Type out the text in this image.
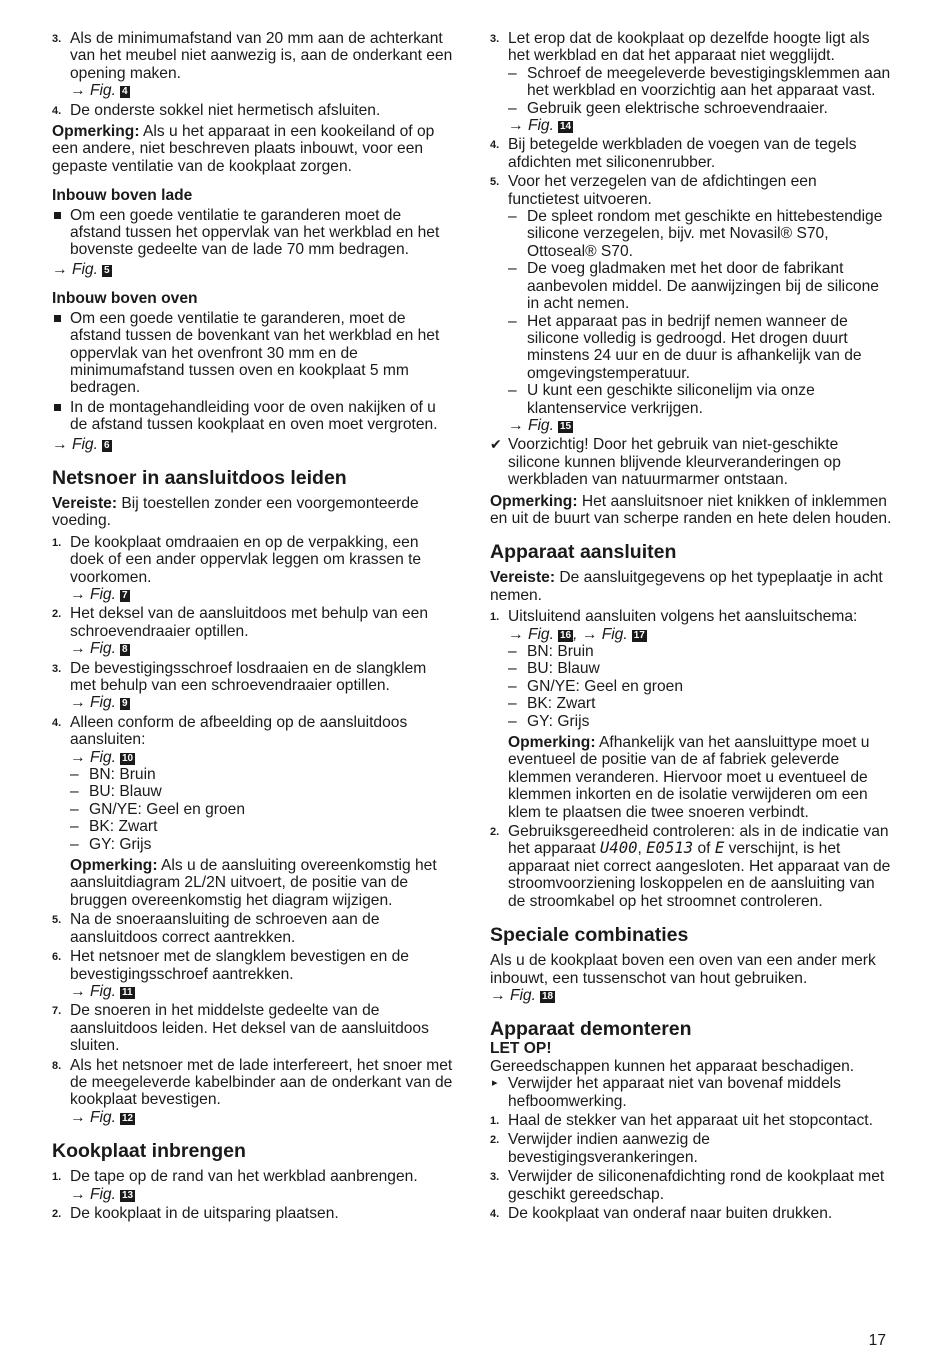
3. Als de minimumafstand van 20 mm aan de achterkant van het meubel niet aanwezig is, aan de onderkant een opening maken.

→ Fig. 4

4. De onderste sokkel niet hermetisch afsluiten.

Opmerking: Als u het apparaat in een kookeiland of op een andere, niet beschreven plaats inbouwt, voor een gepaste ventilatie van de kookplaat zorgen.

Inbouw boven lade

Om een goede ventilatie te garanderen moet de afstand tussen het oppervlak van het werkblad en het bovenste gedeelte van de lade 70 mm bedragen.

→ Fig. 5

Inbouw boven oven

Om een goede ventilatie te garanderen, moet de afstand tussen de bovenkant van het werkblad en het oppervlak van het ovenfront 30 mm en de minimumafstand tussen oven en kookplaat 5 mm bedragen.

In de montagehandleiding voor de oven nakijken of u de afstand tussen kookplaat en oven moet vergroten.

→ Fig. 6

Netsnoer in aansluitdoos leiden

Vereiste: Bij toestellen zonder een voorgemonteerde voeding.

1. De kookplaat omdraaien en op de verpakking, een doek of een ander oppervlak leggen om krassen te voorkomen.

→ Fig. 7

2. Het deksel van de aansluitdoos met behulp van een schroevendraaier optillen.

→ Fig. 8

3. De bevestigingsschroef losdraaien en de slangklem met behulp van een schroevendraaier optillen.

→ Fig. 9

4. Alleen conform de afbeelding op de aansluitdoos aansluiten:

→ Fig. 10

– BN: Bruin

– BU: Blauw

– GN/YE: Geel en groen

– BK: Zwart

– GY: Grijs

Opmerking: Als u de aansluiting overeenkomstig het aansluitdiagram 2L/2N uitvoert, de positie van de bruggen overeenkomstig het diagram wijzigen.

5. Na de snoeraansluiting de schroeven aan de aansluitdoos correct aantrekken.

6. Het netsnoer met de slangklem bevestigen en de bevestigingsschroef aantrekken.

→ Fig. 11

7. De snoeren in het middelste gedeelte van de aansluitdoos leiden. Het deksel van de aansluitdoos sluiten.

8. Als het netsnoer met de lade interfereert, het snoer met de meegeleverde kabelbinder aan de onderkant van de kookplaat bevestigen.

→ Fig. 12

Kookplaat inbrengen

1. De tape op de rand van het werkblad aanbrengen.

→ Fig. 13

2. De kookplaat in de uitsparing plaatsen.

3. Let erop dat de kookplaat op dezelfde hoogte ligt als het werkblad en dat het apparaat niet wegglijdt.

– Schroef de meegeleverde bevestigingsklemmen aan het werkblad en voorzichtig aan het apparaat vast.

– Gebruik geen elektrische schroevendraaier.

→ Fig. 14

4. Bij betegelde werkbladen de voegen van de tegels afdichten met siliconenrubber.

5. Voor het verzegelen van de afdichtingen een functietest uitvoeren.

– De spleet rondom met geschikte en hittebestendige silicone verzegelen, bijv. met Novasil® S70, Ottoseal® S70.

– De voeg gladmaken met het door de fabrikant aanbevolen middel. De aanwijzingen bij de silicone in acht nemen.

– Het apparaat pas in bedrijf nemen wanneer de silicone volledig is gedroogd. Het drogen duurt minstens 24 uur en de duur is afhankelijk van de omgevingstemperatuur.

– U kunt een geschikte siliconelijm via onze klantenservice verkrijgen.

→ Fig. 15

✔ Voorzichtig! Door het gebruik van niet-geschikte silicone kunnen blijvende kleurveranderingen op werkbladen van natuurmarmer ontstaan.

Opmerking: Het aansluitsnoer niet knikken of inklemmen en uit de buurt van scherpe randen en hete delen houden.

Apparaat aansluiten

Vereiste: De aansluitgegevens op het typeplaatje in acht nemen.

1. Uitsluitend aansluiten volgens het aansluitschema:

→ Fig. 16 , → Fig. 17

– BN: Bruin

– BU: Blauw

– GN/YE: Geel en groen

– BK: Zwart

– GY: Grijs

Opmerking: Afhankelijk van het aansluittype moet u eventueel de positie van de af fabriek geleverde klemmen veranderen. Hiervoor moet u eventueel de klemmen inkorten en de isolatie verwijderen om een klem te plaatsen die twee snoeren verbindt.

2. Gebruiksgereedheid controleren: als in de indicatie van het apparaat U400, E0513 of E verschijnt, is het apparaat niet correct aangesloten. Het apparaat van de stroomvoorziening loskoppelen en de aansluiting van de stroomkabel op het stroomnet controleren.

Speciale combinaties

Als u de kookplaat boven een oven van een ander merk inbouwt, een tussenschot van hout gebruiken.

→ Fig. 18

Apparaat demonteren

LET OP!

Gereedschappen kunnen het apparaat beschadigen.

▸ Verwijder het apparaat niet van bovenaf middels hefboomwerking.

1. Haal de stekker van het apparaat uit het stopcontact.

2. Verwijder indien aanwezig de bevestigingsverankeringen.

3. Verwijder de siliconenafdichting rond de kookplaat met geschikt gereedschap.

4. De kookplaat van onderaf naar buiten drukken.

17
